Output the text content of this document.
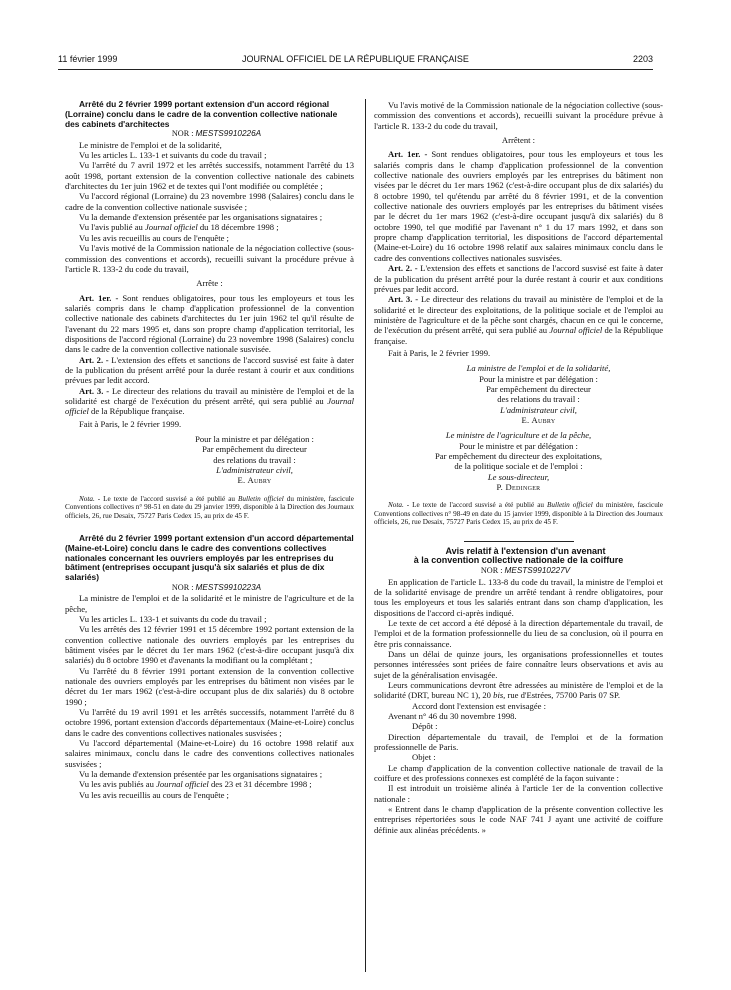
11 février 1999	JOURNAL OFFICIEL DE LA RÉPUBLIQUE FRANÇAISE	2203

Arrêté du 2 février 1999 portant extension d'un accord régional (Lorraine) conclu dans le cadre de la convention collective nationale des cabinets d'architectes

NOR : MESTS9910226A

Le ministre de l'emploi et de la solidarité,

Vu les articles L. 133-1 et suivants du code du travail ;

Vu l'arrêté du 7 avril 1972 et les arrêtés successifs, notamment l'arrêté du 13 août 1998, portant extension de la convention collective nationale des cabinets d'architectes du 1er juin 1962 et de textes qui l'ont modifiée ou complétée ;

Vu l'accord régional (Lorraine) du 23 novembre 1998 (Salaires) conclu dans le cadre de la convention collective nationale susvisée ;

Vu la demande d'extension présentée par les organisations signataires ;

Vu l'avis publié au Journal officiel du 18 décembre 1998 ;

Vu les avis recueillis au cours de l'enquête ;

Vu l'avis motivé de la Commission nationale de la négociation collective (sous-commission des conventions et accords), recueilli suivant la procédure prévue à l'article R. 133-2 du code du travail,

Arrête :

Art. 1er. - Sont rendues obligatoires, pour tous les employeurs et tous les salariés compris dans le champ d'application professionnel de la convention collective nationale des cabinets d'architectes du 1er juin 1962 tel qu'il résulte de l'avenant du 22 mars 1995 et, dans son propre champ d'application territorial, les dispositions de l'accord régional (Lorraine) du 23 novembre 1998 (Salaires) conclu dans le cadre de la convention collective nationale susvisée.

Art. 2. - L'extension des effets et sanctions de l'accord susvisé est faite à dater de la publication du présent arrêté pour la durée restant à courir et aux conditions prévues par ledit accord.

Art. 3. - Le directeur des relations du travail au ministère de l'emploi et de la solidarité est chargé de l'exécution du présent arrêté, qui sera publié au Journal officiel de la République française.

Fait à Paris, le 2 février 1999.

Pour la ministre et par délégation :

Par empêchement du directeur

des relations du travail :

L'administrateur civil,

E. Aubry

Nota. - Le texte de l'accord susvisé a été publié au Bulletin officiel du ministère, fascicule Conventions collectives n° 98-51 en date du 29 janvier 1999, disponible à la Direction des Journaux officiels, 26, rue Desaix, 75727 Paris Cedex 15, au prix de 45 F.

Arrêté du 2 février 1999 portant extension d'un accord départemental (Maine-et-Loire) conclu dans le cadre des conventions collectives nationales concernant les ouvriers employés par les entreprises du bâtiment (entreprises occupant jusqu'à six salariés et plus de dix salariés)

NOR : MESTS9910223A

La ministre de l'emploi et de la solidarité et le ministre de l'agriculture et de la pêche,

Vu les articles L. 133-1 et suivants du code du travail ;

Vu les arrêtés des 12 février 1991 et 15 décembre 1992 portant extension de la convention collective nationale des ouvriers employés par les entreprises du bâtiment visées par le décret du 1er mars 1962 (c'est-à-dire occupant jusqu'à dix salariés) du 8 octobre 1990 et d'avenants la modifiant ou la complétant ;

Vu l'arrêté du 8 février 1991 portant extension de la convention collective nationale des ouvriers employés par les entreprises du bâtiment non visées par le décret du 1er mars 1962 (c'est-à-dire occupant plus de dix salariés) du 8 octobre 1990 ;

Vu l'arrêté du 19 avril 1991 et les arrêtés successifs, notamment l'arrêté du 8 octobre 1996, portant extension d'accords départementaux (Maine-et-Loire) conclus dans le cadre des conventions collectives nationales susvisées ;

Vu l'accord départemental (Maine-et-Loire) du 16 octobre 1998 relatif aux salaires minimaux, conclu dans le cadre des conventions collectives nationales susvisées ;

Vu la demande d'extension présentée par les organisations signataires ;

Vu les avis publiés au Journal officiel des 23 et 31 décembre 1998 ;

Vu les avis recueillis au cours de l'enquête ;

Vu l'avis motivé de la Commission nationale de la négociation collective (sous-commission des conventions et accords), recueilli suivant la procédure prévue à l'article R. 133-2 du code du travail,

Arrêtent :

Art. 1er. - Sont rendues obligatoires, pour tous les employeurs et tous les salariés compris dans le champ d'application professionnel de la convention collective nationale des ouvriers employés par les entreprises du bâtiment non visées par le décret du 1er mars 1962 (c'est-à-dire occupant plus de dix salariés) du 8 octobre 1990, tel qu'étendu par arrêté du 8 février 1991, et de la convention collective nationale des ouvriers employés par les entreprises du bâtiment visées par le décret du 1er mars 1962 (c'est-à-dire occupant jusqu'à dix salariés) du 8 octobre 1990, tel que modifié par l'avenant n° 1 du 17 mars 1992, et dans son propre champ d'application territorial, les dispositions de l'accord départemental (Maine-et-Loire) du 16 octobre 1998 relatif aux salaires minimaux conclu dans le cadre des conventions collectives nationales susvisées.

Art. 2. - L'extension des effets et sanctions de l'accord susvisé est faite à dater de la publication du présent arrêté pour la durée restant à courir et aux conditions prévues par ledit accord.

Art. 3. - Le directeur des relations du travail au ministère de l'emploi et de la solidarité et le directeur des exploitations, de la politique sociale et de l'emploi au ministère de l'agriculture et de la pêche sont chargés, chacun en ce qui le concerne, de l'exécution du présent arrêté, qui sera publié au Journal officiel de la République française.

Fait à Paris, le 2 février 1999.

La ministre de l'emploi et de la solidarité,

Pour la ministre et par délégation :

Par empêchement du directeur

des relations du travail :

L'administrateur civil,

E. Aubry

Le ministre de l'agriculture et de la pêche,

Pour le ministre et par délégation :

Par empêchement du directeur des exploitations,

de la politique sociale et de l'emploi :

Le sous-directeur,

P. Dedinger

Nota. - Le texte de l'accord susvisé a été publié au Bulletin officiel du ministère, fascicule Conventions collectives n° 98-49 en date du 15 janvier 1999, disponible à la Direction des Journaux officiels, 26, rue Desaix, 75727 Paris Cedex 15, au prix de 45 F.

Avis relatif à l'extension d'un avenant
à la convention collective nationale de la coiffure

NOR : MESTS9910227V

En application de l'article L. 133-8 du code du travail, la ministre de l'emploi et de la solidarité envisage de prendre un arrêté tendant à rendre obligatoires, pour tous les employeurs et tous les salariés entrant dans son champ d'application, les dispositions de l'accord ci-après indiqué.

Le texte de cet accord a été déposé à la direction départementale du travail, de l'emploi et de la formation professionnelle du lieu de sa conclusion, où il pourra en être pris connaissance.

Dans un délai de quinze jours, les organisations professionnelles et toutes personnes intéressées sont priées de faire connaître leurs observations et avis au sujet de la généralisation envisagée.

Leurs communications devront être adressées au ministère de l'emploi et de la solidarité (DRT, bureau NC 1), 20 bis, rue d'Estrées, 75700 Paris 07 SP.

Accord dont l'extension est envisagée :

Avenant n° 46 du 30 novembre 1998.

Dépôt :

Direction départementale du travail, de l'emploi et de la formation professionnelle de Paris.

Objet :

Le champ d'application de la convention collective nationale de travail de la coiffure et des professions connexes est complété de la façon suivante :

Il est introduit un troisième alinéa à l'article 1er de la convention collective nationale :

« Entrent dans le champ d'application de la présente convention collective les entreprises répertoriées sous le code NAF 741 J ayant une activité de coiffure définie aux alinéas précédents. »
